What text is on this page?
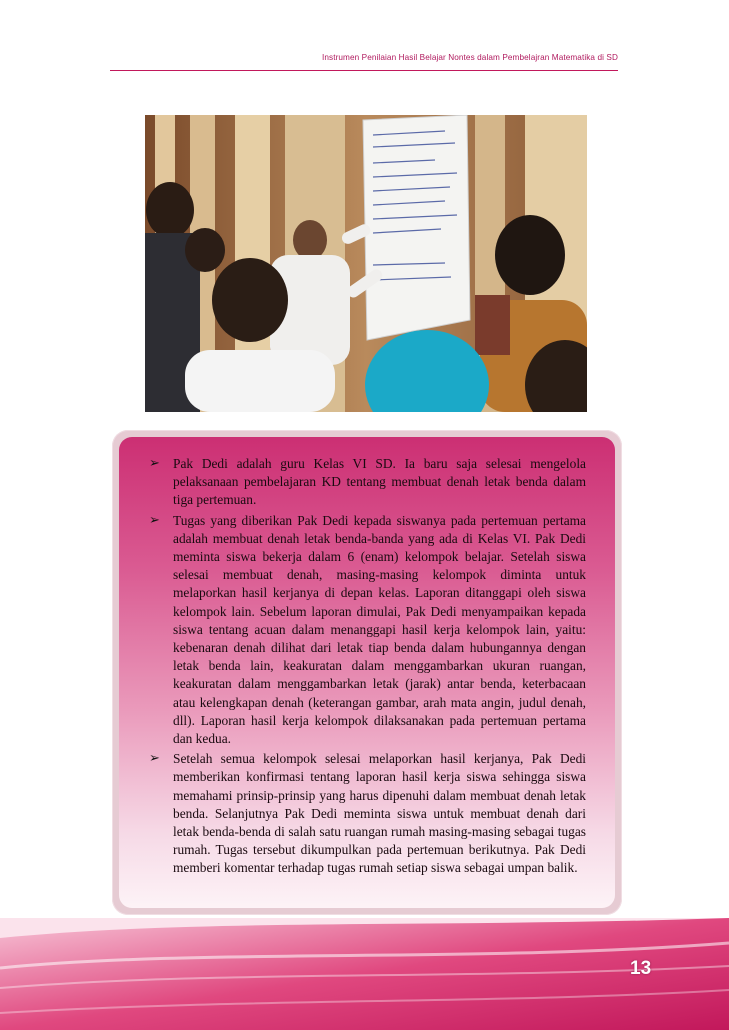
Instrumen Penilaian Hasil Belajar Nontes dalam Pembelajran Matematika di SD
➢ Pak Dedi adalah guru Kelas VI SD. Ia baru saja selesai mengelola pelaksanaan pembelajaran KD tentang membuat denah letak benda dalam tiga pertemuan.
➢ Tugas yang diberikan Pak Dedi kepada siswanya pada pertemuan pertama adalah membuat denah letak benda-banda yang ada di Kelas VI. Pak Dedi meminta siswa bekerja dalam 6 (enam) kelompok belajar. Setelah siswa selesai membuat denah, masing-masing kelompok diminta untuk melaporkan hasil kerjanya di depan kelas. Laporan ditanggapi oleh siswa kelompok lain. Sebelum laporan dimulai, Pak Dedi menyampaikan kepada siswa tentang acuan dalam menanggapi hasil kerja kelompok lain, yaitu: kebenaran denah dilihat dari letak tiap benda dalam hubungannya dengan letak benda lain, keakuratan dalam menggambarkan ukuran ruangan, keakuratan dalam menggambarkan letak (jarak) antar benda, keterbacaan atau kelengkapan denah (keterangan gambar, arah mata angin, judul denah, dll). Laporan hasil kerja kelompok dilaksanakan pada pertemuan pertama dan kedua.
➢ Setelah semua kelompok selesai melaporkan hasil kerjanya, Pak Dedi memberikan konfirmasi tentang laporan hasil kerja siswa sehingga siswa memahami prinsip-prinsip yang harus dipenuhi dalam membuat denah letak benda. Selanjutnya Pak Dedi meminta siswa untuk membuat denah dari letak benda-benda di salah satu ruangan rumah masing-masing sebagai tugas rumah. Tugas tersebut dikumpulkan pada pertemuan berikutnya. Pak Dedi memberi komentar terhadap tugas rumah setiap siswa sebagai umpan balik.
13
